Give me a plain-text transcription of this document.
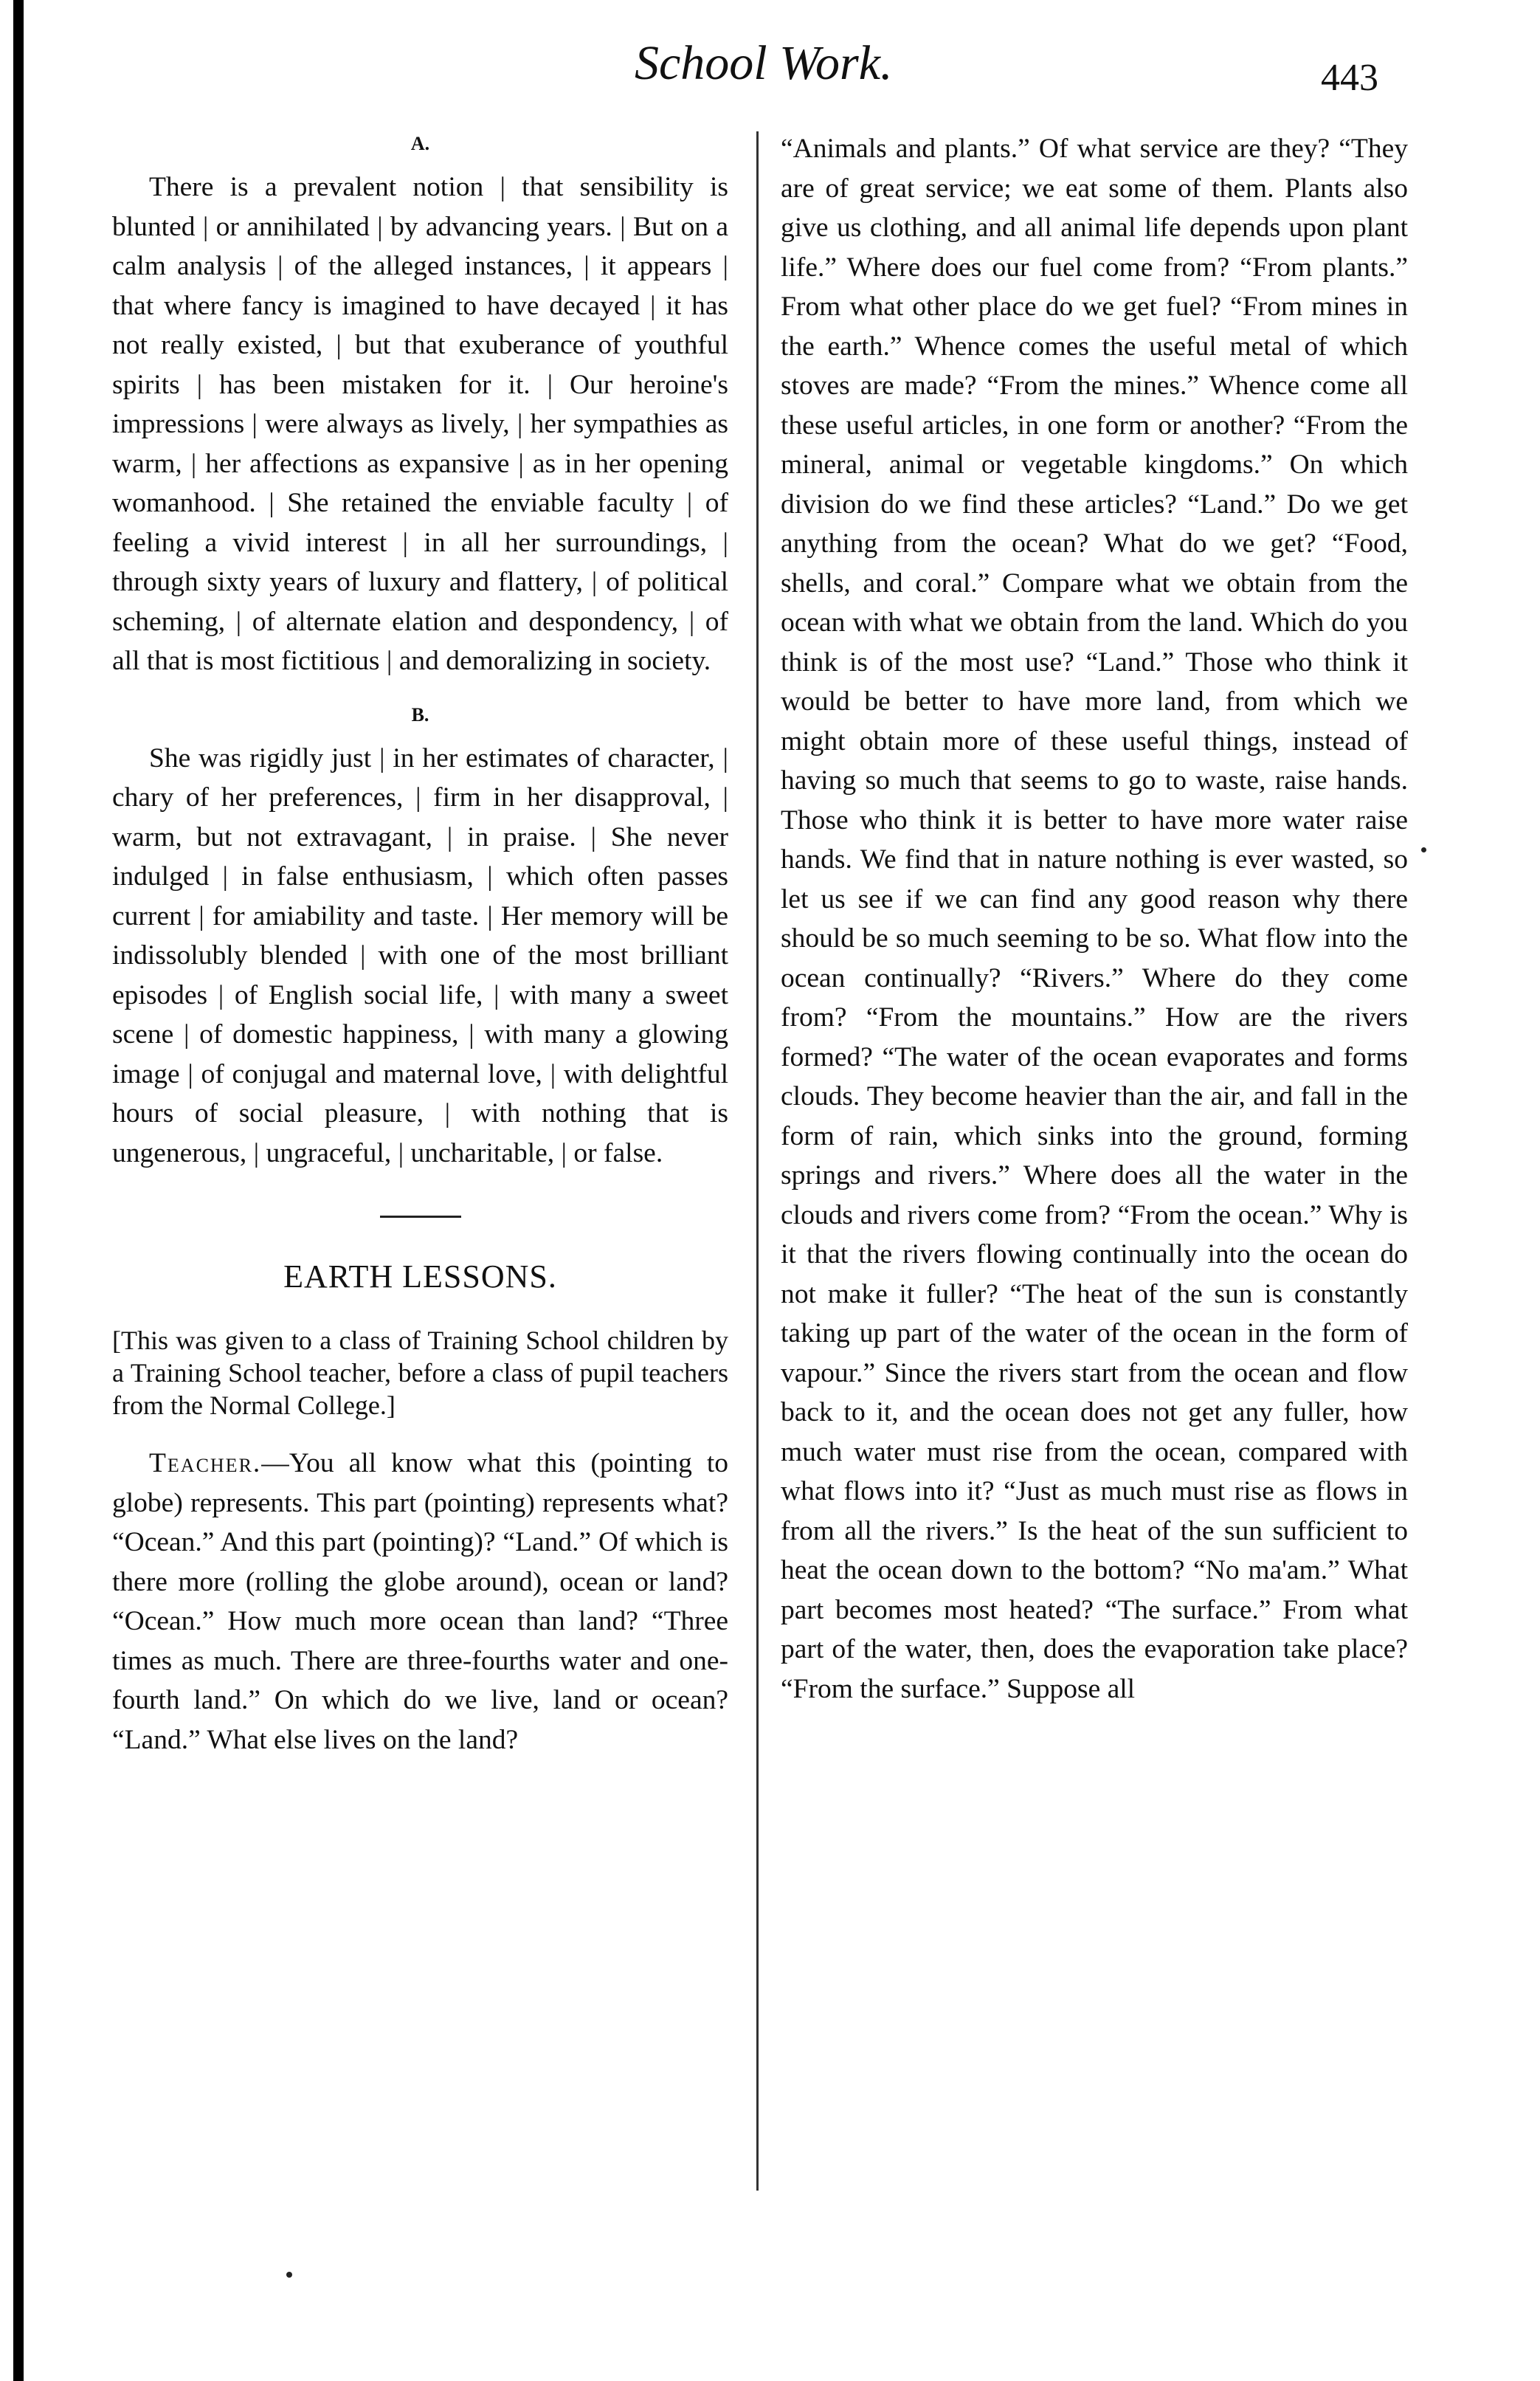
School Work.	443
A.

There is a prevalent notion | that sensibility is blunted | or annihilated | by advancing years. | But on a calm analysis | of the alleged instances, | it appears | that where fancy is imagined to have decayed | it has not really existed, | but that exuberance of youthful spirits | has been mistaken for it. | Our heroine's impressions | were always as lively, | her sympathies as warm, | her affections as expansive | as in her opening womanhood. | She retained the enviable faculty | of feeling a vivid interest | in all her surroundings, | through sixty years of luxury and flattery, | of political scheming, | of alternate elation and despondency, | of all that is most fictitious | and demoralizing in society.

B.

She was rigidly just | in her estimates of character, | chary of her preferences, | firm in her disapproval, | warm, but not extravagant, | in praise. | She never indulged | in false enthusiasm, | which often passes current | for amiability and taste. | Her memory will be indissolubly blended | with one of the most brilliant episodes | of English social life, | with many a sweet scene | of domestic happiness, | with many a glowing image | of conjugal and maternal love, | with delightful hours of social pleasure, | with nothing that is ungenerous, | ungraceful, | uncharitable, | or false.

EARTH LESSONS.

[This was given to a class of Training School children by a Training School teacher, before a class of pupil teachers from the Normal College.]

Teacher.—You all know what this (pointing to globe) represents. This part (pointing) represents what? “Ocean.” And this part (pointing)? “Land.” Of which is there more (rolling the globe around), ocean or land? “Ocean.” How much more ocean than land? “Three times as much. There are three-fourths water and one-fourth land.” On which do we live, land or ocean? “Land.” What else lives on the land?

“Animals and plants.” Of what service are they? “They are of great service; we eat some of them. Plants also give us clothing, and all animal life depends upon plant life.” Where does our fuel come from? “From plants.” From what other place do we get fuel? “From mines in the earth.” Whence comes the useful metal of which stoves are made? “From the mines.” Whence come all these useful articles, in one form or another? “From the mineral, animal or vegetable kingdoms.” On which division do we find these articles? “Land.” Do we get anything from the ocean? What do we get? “Food, shells, and coral.” Compare what we obtain from the ocean with what we obtain from the land. Which do you think is of the most use? “Land.” Those who think it would be better to have more land, from which we might obtain more of these useful things, instead of having so much that seems to go to waste, raise hands. Those who think it is better to have more water raise hands. We find that in nature nothing is ever wasted, so let us see if we can find any good reason why there should be so much seeming to be so. What flow into the ocean continually? “Rivers.” Where do they come from? “From the mountains.” How are the rivers formed? “The water of the ocean evaporates and forms clouds. They become heavier than the air, and fall in the form of rain, which sinks into the ground, forming springs and rivers.” Where does all the water in the clouds and rivers come from? “From the ocean.” Why is it that the rivers flowing continually into the ocean do not make it fuller? “The heat of the sun is constantly taking up part of the water of the ocean in the form of vapour.” Since the rivers start from the ocean and flow back to it, and the ocean does not get any fuller, how much water must rise from the ocean, compared with what flows into it? “Just as much must rise as flows in from all the rivers.” Is the heat of the sun sufficient to heat the ocean down to the bottom? “No ma'am.” What part becomes most heated? “The surface.” From what part of the water, then, does the evaporation take place? “From the surface.” Suppose all
